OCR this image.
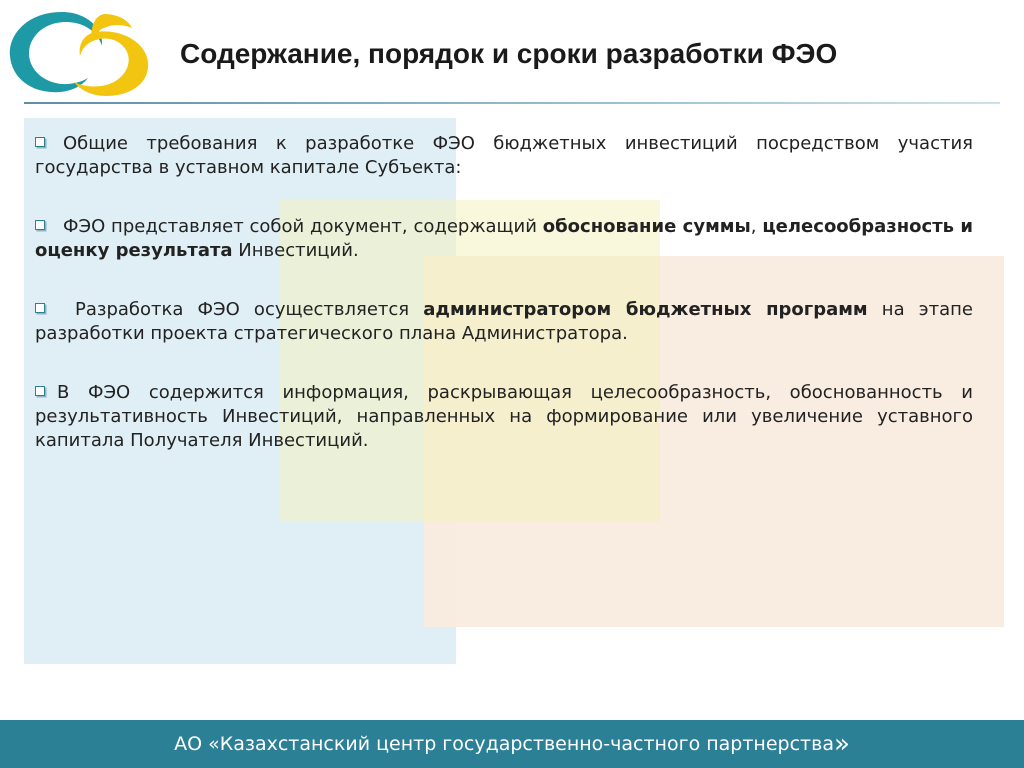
Содержание, порядок и сроки разработки ФЭО

Общие требования к разработке ФЭО бюджетных инвестиций посредством участия государства в уставном капитале Субъекта:

ФЭО представляет собой документ, содержащий обоснование суммы, целесообразность и оценку результата Инвестиций.

Разработка ФЭО осуществляется администратором бюджетных программ на этапе разработки проекта стратегического плана Администратора.

В ФЭО содержится информация, раскрывающая целесообразность, обоснованность и результативность Инвестиций, направленных на формирование или увеличение уставного капитала Получателя Инвестиций.

АО «Казахстанский центр государственно-частного партнерства »
